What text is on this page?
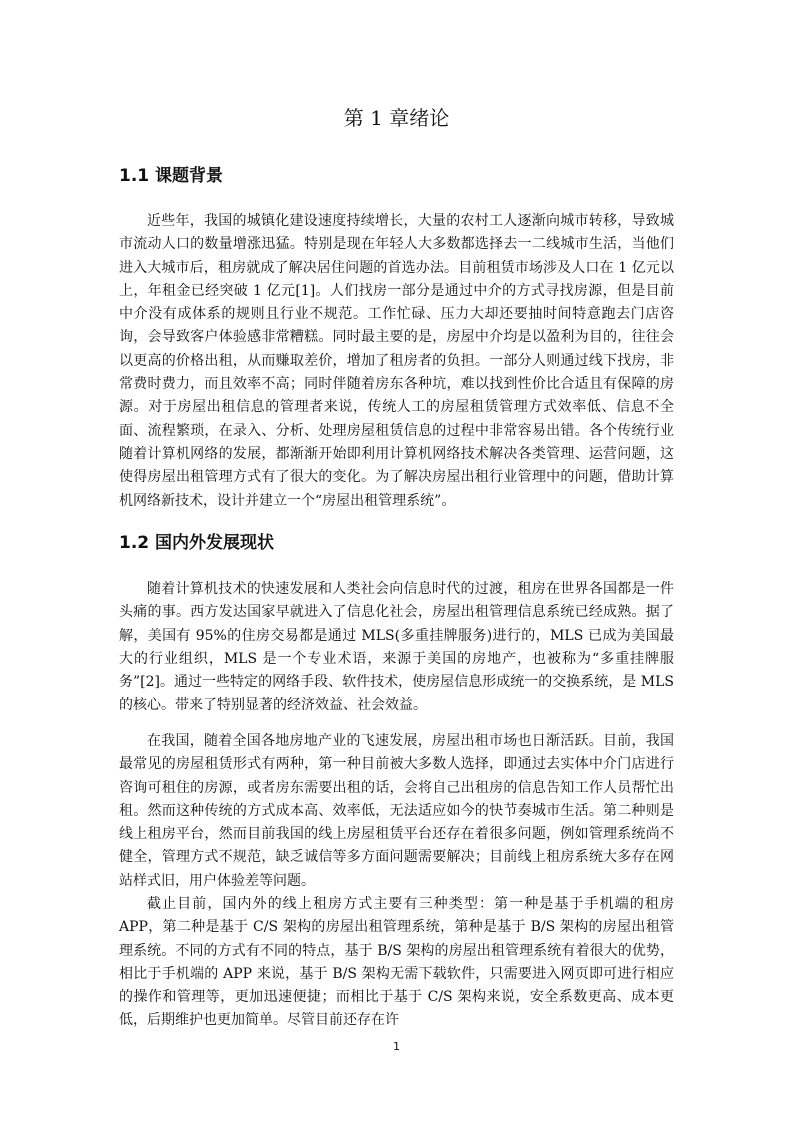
第 1 章绪论
1.1 课题背景

近些年，我国的城镇化建设速度持续增长，大量的农村工人逐渐向城市转移，导致城市流动人口的数量增涨迅猛。特别是现在年轻人大多数都选择去一二线城市生活，当他们进入大城市后，租房就成了解决居住问题的首选办法。目前租赁市场涉及人口在 1 亿元以上，年租金已经突破 1 亿元[1]。人们找房一部分是通过中介的方式寻找房源，但是目前中介没有成体系的规则且行业不规范。工作忙碌、压力大却还要抽时间特意跑去门店咨询，会导致客户体验感非常糟糕。同时最主要的是，房屋中介均是以盈利为目的，往往会以更高的价格出租，从而赚取差价，增加了租房者的负担。一部分人则通过线下找房，非常费时费力，而且效率不高；同时伴随着房东各种坑，难以找到性价比合适且有保障的房源。对于房屋出租信息的管理者来说，传统人工的房屋租赁管理方式效率低、信息不全面、流程繁琐，在录入、分析、处理房屋租赁信息的过程中非常容易出错。各个传统行业随着计算机网络的发展，都渐渐开始即利用计算机网络技术解决各类管理、运营问题，这使得房屋出租管理方式有了很大的变化。为了解决房屋出租行业管理中的问题，借助计算机网络新技术，设计并建立一个“房屋出租管理系统”。

1.2 国内外发展现状

随着计算机技术的快速发展和人类社会向信息时代的过渡，租房在世界各国都是一件头痛的事。西方发达国家早就进入了信息化社会，房屋出租管理信息系统已经成熟。据了解，美国有 95%的住房交易都是通过 MLS(多重挂牌服务)进行的，MLS 已成为美国最大的行业组织，MLS 是一个专业术语，来源于美国的房地产，也被称为“多重挂牌服务”[2]。通过一些特定的网络手段、软件技术，使房屋信息形成统一的交换系统，是 MLS 的核心。带来了特别显著的经济效益、社会效益。

在我国，随着全国各地房地产业的飞速发展，房屋出租市场也日渐活跃。目前，我国最常见的房屋租赁形式有两种，第一种目前被大多数人选择，即通过去实体中介门店进行咨询可租住的房源，或者房东需要出租的话，会将自己出租房的信息告知工作人员帮忙出租。然而这种传统的方式成本高、效率低，无法适应如今的快节奏城市生活。第二种则是线上租房平台，然而目前我国的线上房屋租赁平台还存在着很多问题，例如管理系统尚不健全，管理方式不规范，缺乏诚信等多方面问题需要解决；目前线上租房系统大多存在网站样式旧，用户体验差等问题。

截止目前，国内外的线上租房方式主要有三种类型：第一种是基于手机端的租房 APP，第二种是基于 C/S 架构的房屋出租管理系统，第种是基于 B/S 架构的房屋出租管理系统。不同的方式有不同的特点，基于 B/S 架构的房屋出租管理系统有着很大的优势，相比于手机端的 APP 来说，基于 B/S 架构无需下载软件，只需要进入网页即可进行相应的操作和管理等，更加迅速便捷；而相比于基于 C/S 架构来说，安全系数更高、成本更低，后期维护也更加简单。尽管目前还存在许

1
